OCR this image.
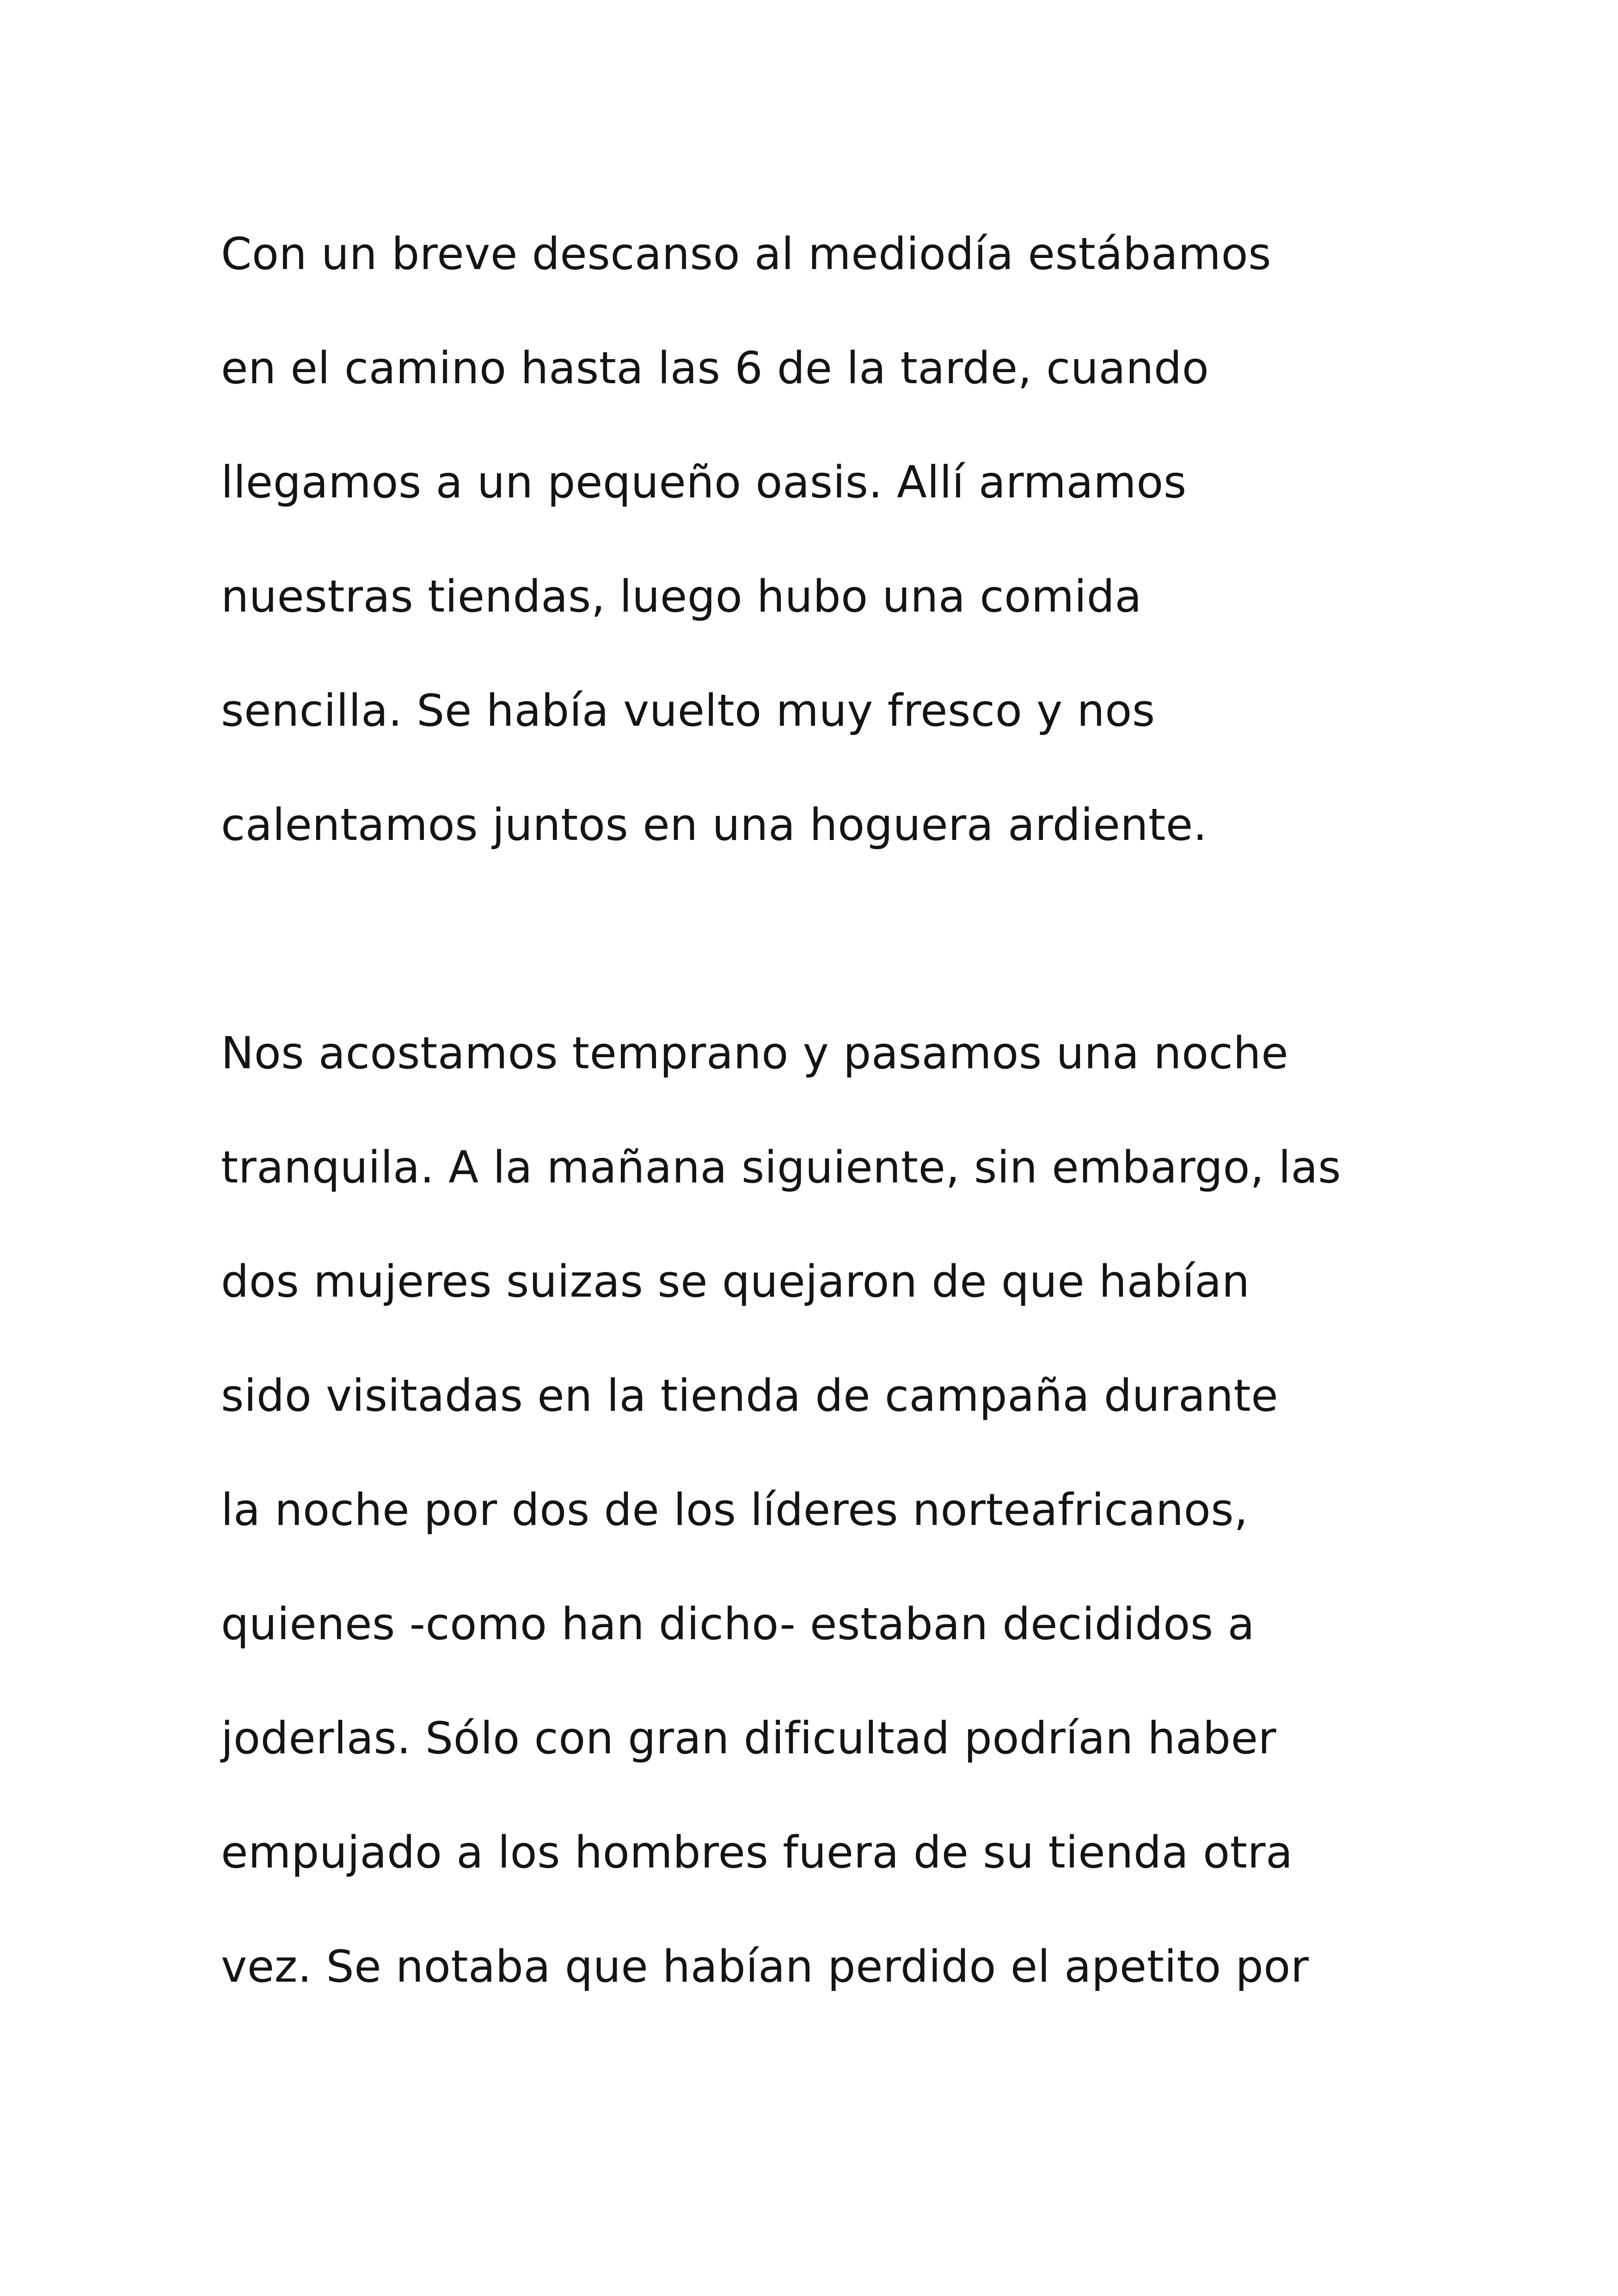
Con un breve descanso al mediodía estábamos
en el camino hasta las 6 de la tarde, cuando
llegamos a un pequeño oasis. Allí armamos
nuestras tiendas, luego hubo una comida
sencilla. Se había vuelto muy fresco y nos
calentamos juntos en una hoguera ardiente.

Nos acostamos temprano y pasamos una noche
tranquila. A la mañana siguiente, sin embargo, las
dos mujeres suizas se quejaron de que habían
sido visitadas en la tienda de campaña durante
la noche por dos de los líderes norteafricanos,
quienes -como han dicho- estaban decididos a
joderlas. Sólo con gran dificultad podrían haber
empujado a los hombres fuera de su tienda otra
vez. Se notaba que habían perdido el apetito por
